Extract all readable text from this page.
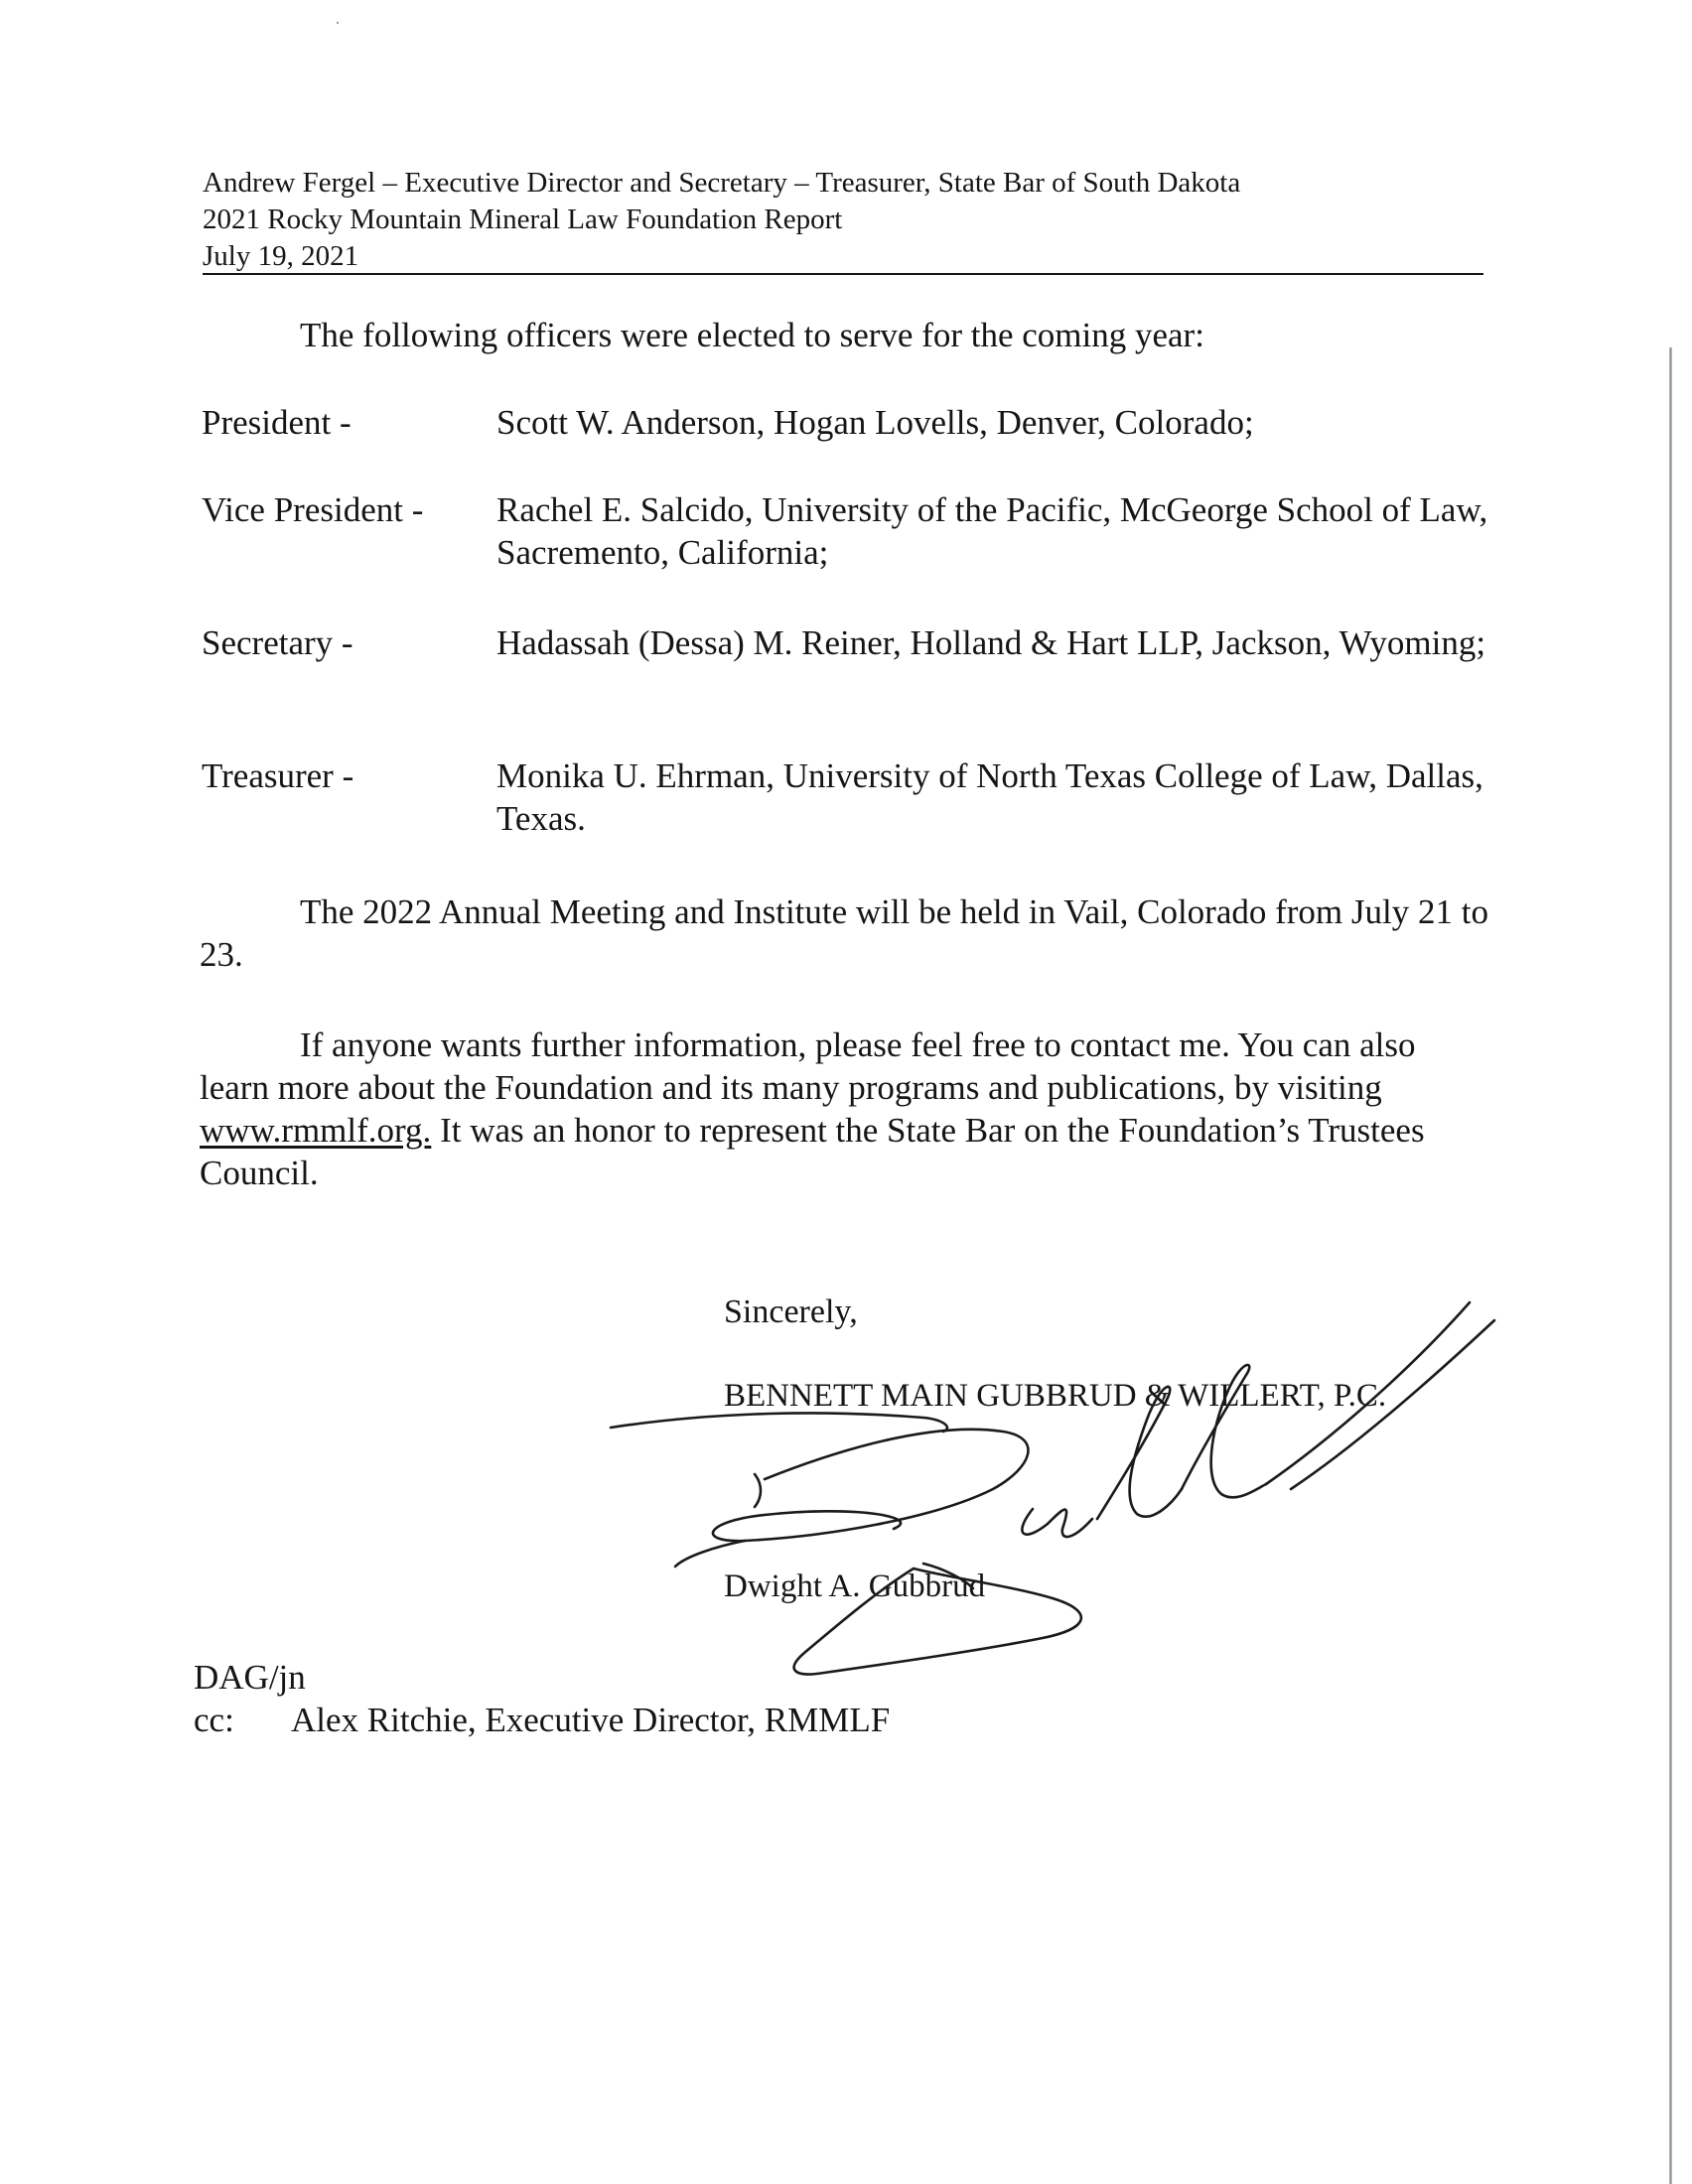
Andrew Fergel – Executive Director and Secretary – Treasurer, State Bar of South Dakota
2021 Rocky Mountain Mineral Law Foundation Report
July 19, 2021

The following officers were elected to serve for the coming year:

President -	Scott W. Anderson, Hogan Lovells, Denver, Colorado;
Vice President - Rachel E. Salcido, University of the Pacific, McGeorge School of Law, Sacremento, California;
Secretary -	Hadassah (Dessa) M. Reiner, Holland & Hart LLP, Jackson, Wyoming;
Treasurer -	Monika U. Ehrman, University of North Texas College of Law, Dallas, Texas.

The 2022 Annual Meeting and Institute will be held in Vail, Colorado from July 21 to 23.

If anyone wants further information, please feel free to contact me. You can also learn more about the Foundation and its many programs and publications, by visiting www.rmmlf.org. It was an honor to represent the State Bar on the Foundation’s Trustees Council.

Sincerely,
BENNETT MAIN GUBBRUD & WILLERT, P.C.
Dwight A. Gubbrud
DAG/jn
cc: Alex Ritchie, Executive Director, RMMLF
